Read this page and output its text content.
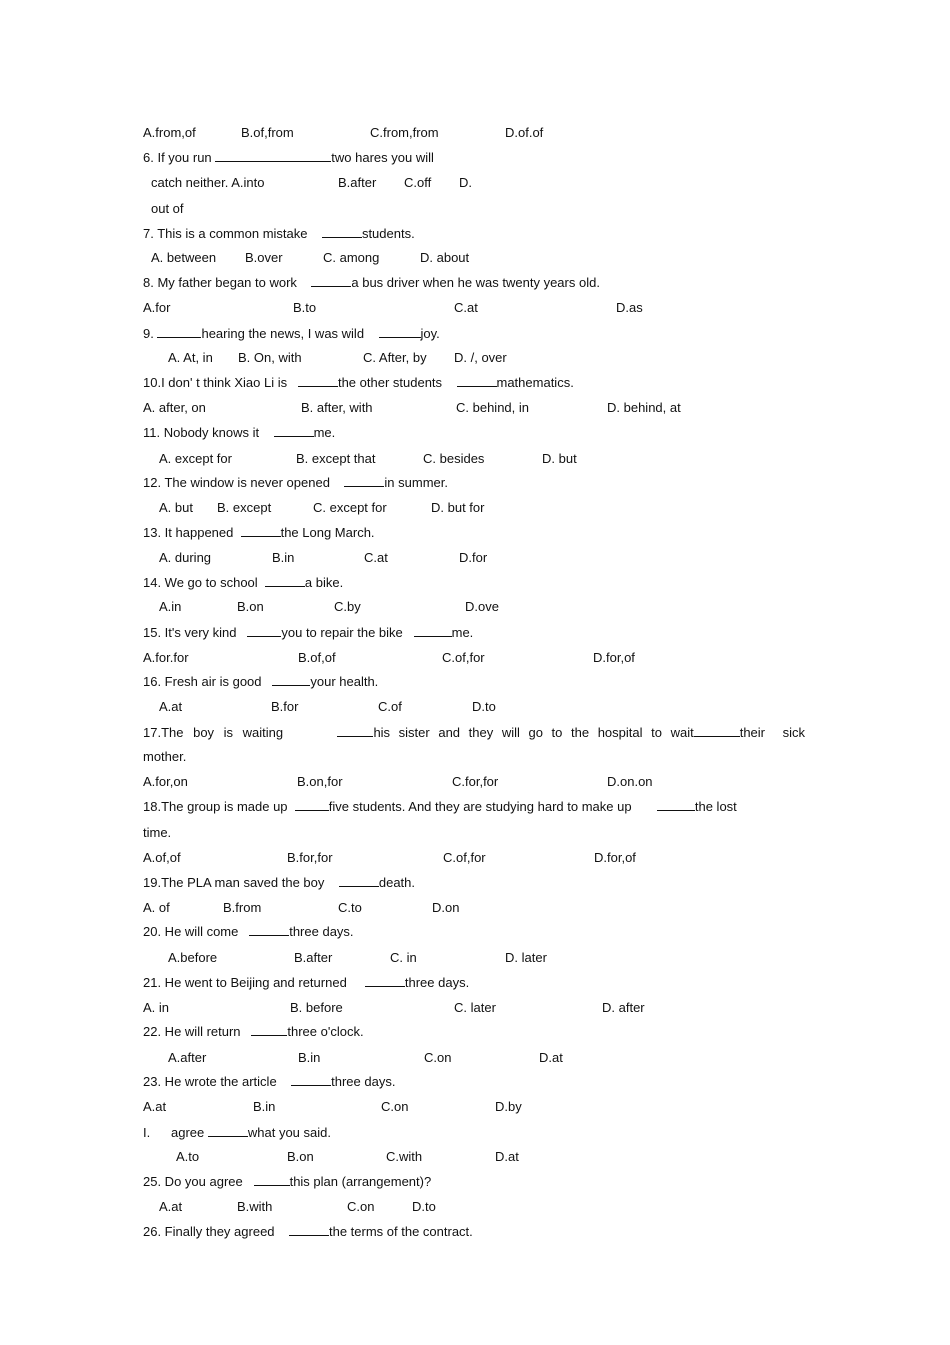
A.from,of	B.of,from	C.from,from	D.of.of
6. If you run	two hares you will
catch neither. A.into	B.after C.off D.
out of
7. This is a common mistake	students.
A. between B.over	C. among	D. about
8. My father began to work	a bus driver when he was twenty years old.
A.for	B.to	C.at	D.as
9.	hearing the news, I was wild	joy.
A. At, in B. On, with	C. After, by D. /, over
10.I don' t think Xiao Li is	the other students	mathematics.
A. after, on	B. after, with	C. behind, in	D. behind, at
11. Nobody knows it	me.
A. except for	B. except that	C. besides	D. but
12. The window is never opened	in summer.
A. but B. except	C. except for	D. but for
13. It happened	the Long March.
A. during	B.in	C.at	D.for
14. We go to school	a bike.
A.in	B.on	C.by	D.ove
15. It's very kind	you to repair the bike	me.
A.for.for	B.of,of	C.of,for	D.for,of
16. Fresh air is good	your health.
A.at	B.for	C.of	D.to
17.The boy is waiting	his sister and they will go to the hospital to wait	their sick
mother.
A.for,on	B.on,for	C.for,for	D.on.on
18.The group is made up	five students. And they are studying hard to make up	the lost
time.
A.of,of	B.for,for	C.of,for	D.for,of
19.The PLA man saved the boy	death.
A. of	B.from	C.to	D.on
20. He will come	three days.
A.before	B.after	C. in	D. later
21. He went to Beijing and returned	three days.
A. in	B. before	C. later	D. after
22. He will return	three o'clock.
A.after	B.in	C.on	D.at
23. He wrote the article	three days.
A.at	B.in	C.on	D.by
I. agree	what you said.
A.to	B.on	C.with	D.at
25. Do you agree	this plan (arrangement)?
A.at	B.with	C.on	D.to
26. Finally they agreed	the terms of the contract.
